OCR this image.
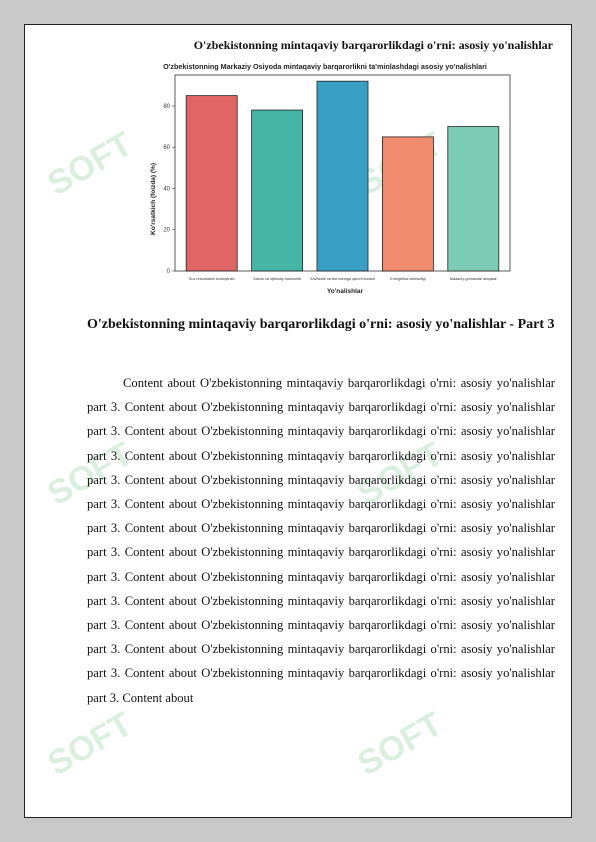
SOFT
SOFT	SOFT
SOFT	SOFT
O'zbekistonning mintaqaviy barqarorlikdagi o'rni: asosiy yo'nalishlar
O'zbekistonning Markaziy Osiyoda mintaqaviy barqarorlikni ta'minlashdagi asosiy yo'nalishlari
0
20
40
60
80
Suv resurslarini boshqarish	Savdo va iqtisodiy hamkorlik Xavfsizlik va terrorizmga qarshi kurash	Energetika xavfsizligi	Madaniy-gumanitar aloqalar
Yo'nalishlar
Ko'rsatkich (foizda) (%)
O'zbekistonning mintaqaviy barqarorlikdagi o'rni: asosiy yo'nalishlar - Part 3

Content about O'zbekistonning mintaqaviy barqarorlikdagi o'rni: asosiy yo'nalishlar part 3. Content about O'zbekistonning mintaqaviy barqarorlikdagi o'rni: asosiy yo'nalishlar part 3. Content about O'zbekistonning mintaqaviy barqarorlikdagi o'rni: asosiy yo'nalishlar part 3. Content about O'zbekistonning mintaqaviy barqarorlikdagi o'rni: asosiy yo'nalishlar part 3. Content about O'zbekistonning mintaqaviy barqarorlikdagi o'rni: asosiy yo'nalishlar part 3. Content about O'zbekistonning mintaqaviy barqarorlikdagi o'rni: asosiy yo'nalishlar part 3. Content about O'zbekistonning mintaqaviy barqarorlikdagi o'rni: asosiy yo'nalishlar part 3. Content about O'zbekistonning mintaqaviy barqarorlikdagi o'rni: asosiy yo'nalishlar part 3. Content about O'zbekistonning mintaqaviy barqarorlikdagi o'rni: asosiy yo'nalishlar part 3. Content about O'zbekistonning mintaqaviy barqarorlikdagi o'rni: asosiy yo'nalishlar part 3. Content about O'zbekistonning mintaqaviy barqarorlikdagi o'rni: asosiy yo'nalishlar part 3. Content about O'zbekistonning mintaqaviy barqarorlikdagi o'rni: asosiy yo'nalishlar part 3. Content about O'zbekistonning mintaqaviy barqarorlikdagi o'rni: asosiy yo'nalishlar part 3. Content about
